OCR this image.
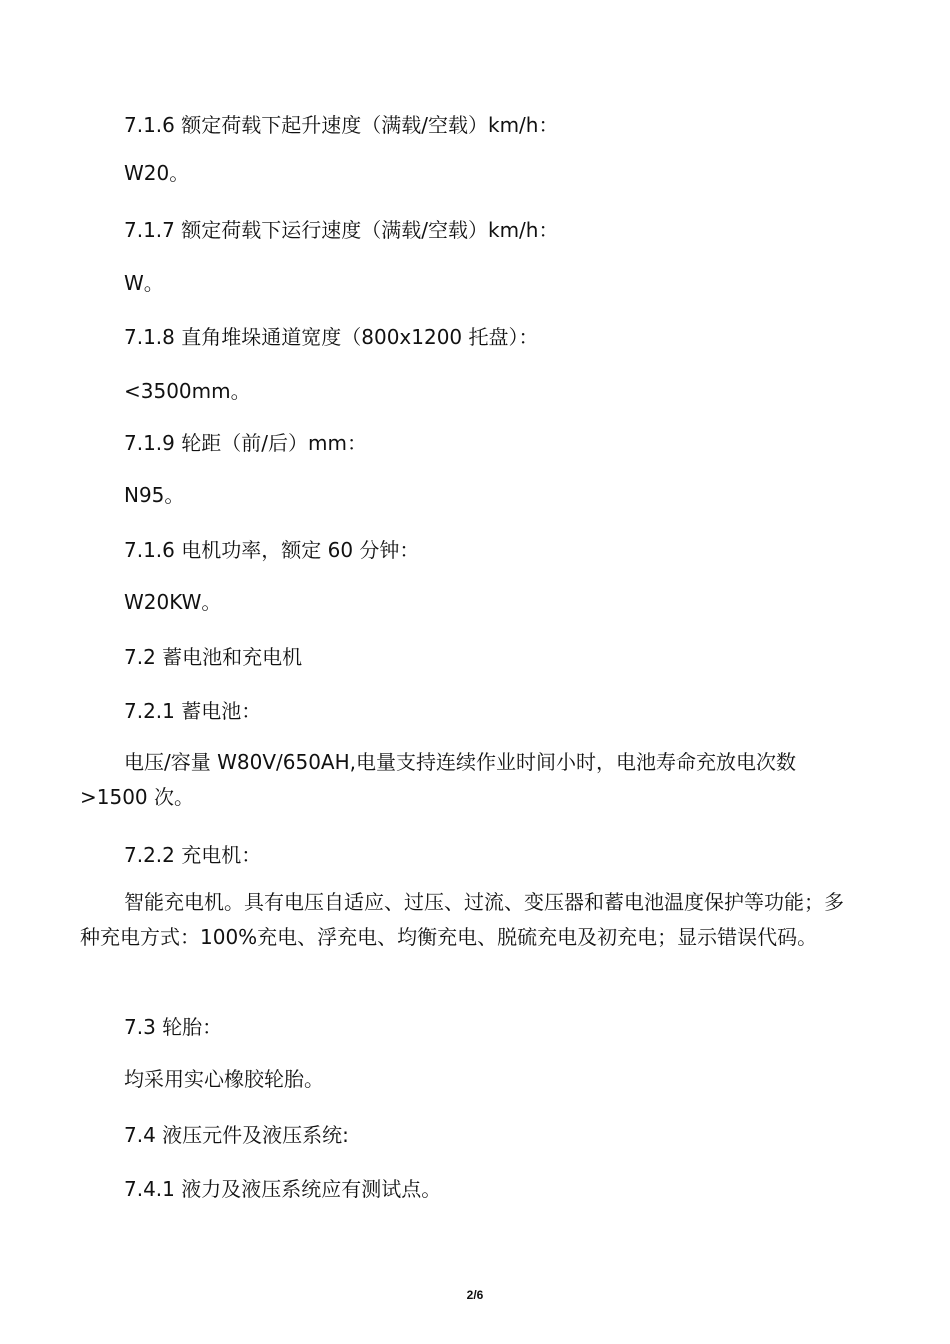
7.1.6 额定荷载下起升速度（满载/空载）km/h：
W20。
7.1.7 额定荷载下运行速度（满载/空载）km/h：
W。
7.1.8 直角堆垛通道宽度（800x1200 托盘）：
<3500mm。
7.1.9 轮距（前/后）mm：
N95。
7.1.6 电机功率，额定 60 分钟：
W20KW。
7.2 蓄电池和充电机
7.2.1 蓄电池：
电压/容量 W80V/650AH,电量支持连续作业时间小时，电池寿命充放电次数>1500 次。
7.2.2 充电机：
智能充电机。具有电压自适应、过压、过流、变压器和蓄电池温度保护等功能；多种充电方式：100%充电、浮充电、均衡充电、脱硫充电及初充电；显示错误代码。
7.3 轮胎：
均采用实心橡胶轮胎。
7.4 液压元件及液压系统:
7.4.1 液力及液压系统应有测试点。
2/6
